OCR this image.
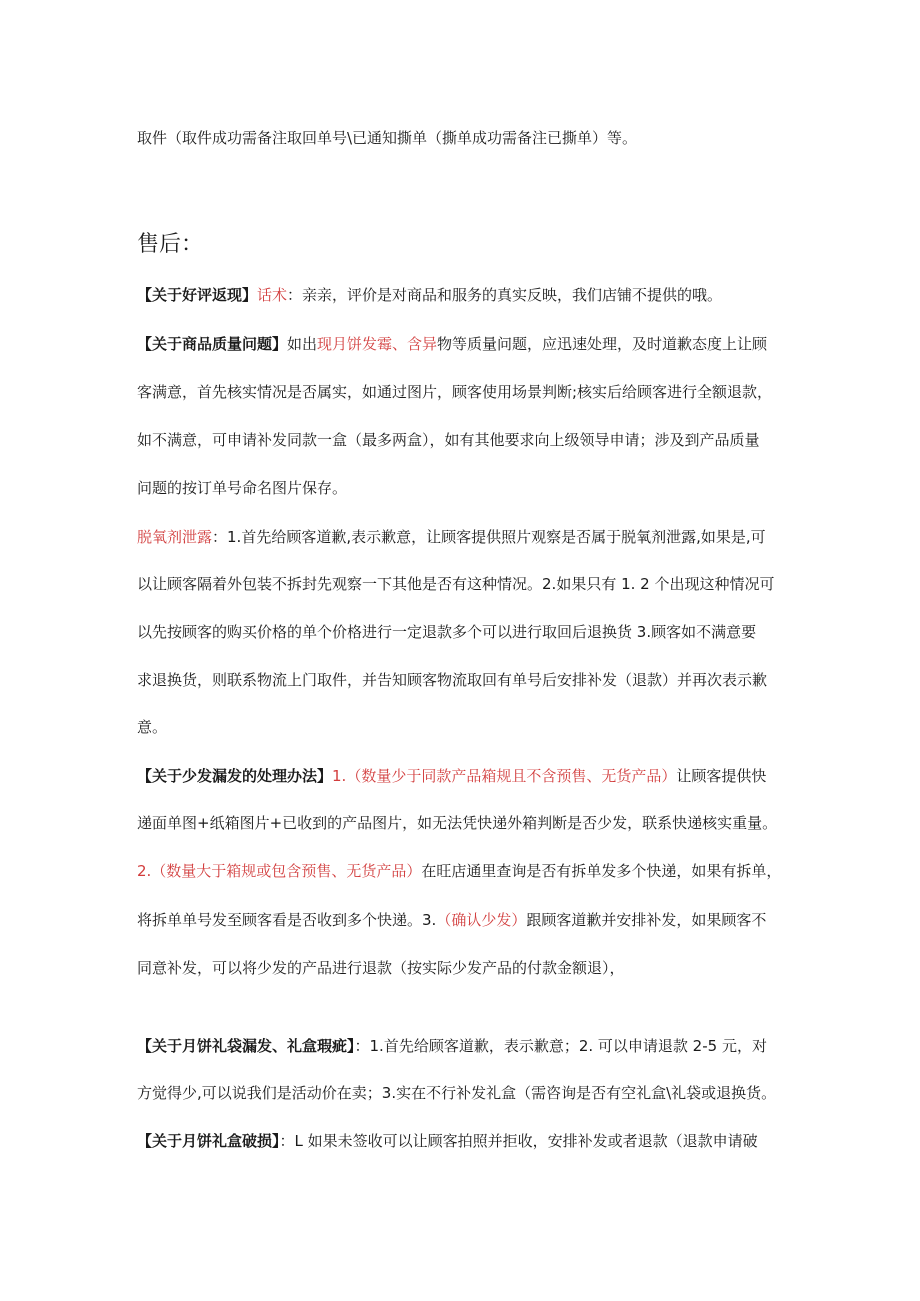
取件（取件成功需备注取回单号\已通知撕单（撕单成功需备注已撕单）等。
售后：
【关于好评返现】话术：亲亲，评价是对商品和服务的真实反映，我们店铺不提供的哦。
【关于商品质量问题】如出现月饼发霉、含异物等质量问题，应迅速处理，及时道歉态度上让顾
客满意，首先核实情况是否属实，如通过图片，顾客使用场景判断;核实后给顾客进行全额退款，
如不满意，可申请补发同款一盒（最多两盒），如有其他要求向上级领导申请；涉及到产品质量
问题的按订单号命名图片保存。
脱氧剂泄露：1.首先给顾客道歉,表示歉意，让顾客提供照片观察是否属于脱氧剂泄露,如果是,可
以让顾客隔着外包装不拆封先观察一下其他是否有这种情况。2.如果只有 1. 2 个出现这种情况可
以先按顾客的购买价格的单个价格进行一定退款多个可以进行取回后退换货 3.顾客如不满意要
求退换货，则联系物流上门取件，并告知顾客物流取回有单号后安排补发（退款）并再次表示歉
意。
【关于少发漏发的处理办法】1.（数量少于同款产品箱规且不含预售、无货产品）让顾客提供快
递面单图+纸箱图片+已收到的产品图片，如无法凭快递外箱判断是否少发，联系快递核实重量。
2.（数量大于箱规或包含预售、无货产品）在旺店通里查询是否有拆单发多个快递，如果有拆单，
将拆单单号发至顾客看是否收到多个快递。3.（确认少发）跟顾客道歉并安排补发，如果顾客不
同意补发，可以将少发的产品进行退款（按实际少发产品的付款金额退），
【关于月饼礼袋漏发、礼盒瑕疵】：1.首先给顾客道歉，表示歉意；2. 可以申请退款 2-5 元，对
方觉得少,可以说我们是活动价在卖；3.实在不行补发礼盒（需咨询是否有空礼盒\礼袋或退换货。
【关于月饼礼盒破损】：L 如果未签收可以让顾客拍照并拒收，安排补发或者退款（退款申请破
